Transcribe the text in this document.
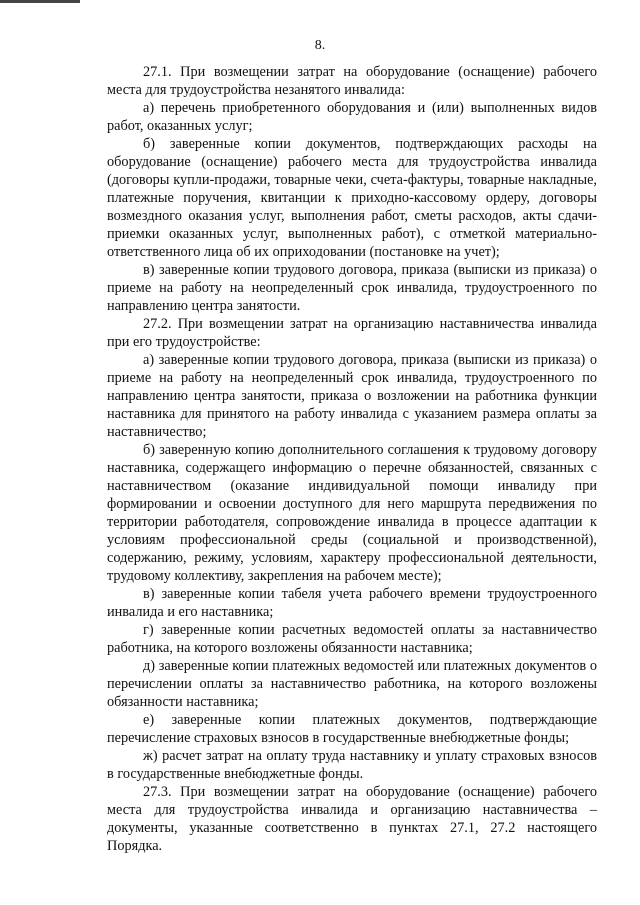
8.

27.1. При возмещении затрат на оборудование (оснащение) рабочего места для трудоустройства незанятого инвалида:

а) перечень приобретенного оборудования и (или) выполненных видов работ, оказанных услуг;

б) заверенные копии документов, подтверждающих расходы на оборудование (оснащение) рабочего места для трудоустройства инвалида (договоры купли-продажи, товарные чеки, счета-фактуры, товарные накладные, платежные поручения, квитанции к приходно-кассовому ордеру, договоры возмездного оказания услуг, выполнения работ, сметы расходов, акты сдачи-приемки оказанных услуг, выполненных работ), с отметкой материально-ответственного лица об их оприходовании (постановке на учет);

в) заверенные копии трудового договора, приказа (выписки из приказа) о приеме на работу на неопределенный срок инвалида, трудоустроенного по направлению центра занятости.

27.2. При возмещении затрат на организацию наставничества инвалида при его трудоустройстве:

а) заверенные копии трудового договора, приказа (выписки из приказа) о приеме на работу на неопределенный срок инвалида, трудоустроенного по направлению центра занятости, приказа о возложении на работника функции наставника для принятого на работу инвалида с указанием размера оплаты за наставничество;

б) заверенную копию дополнительного соглашения к трудовому договору наставника, содержащего информацию о перечне обязанностей, связанных с наставничеством (оказание индивидуальной помощи инвалиду при формировании и освоении доступного для него маршрута передвижения по территории работодателя, сопровождение инвалида в процессе адаптации к условиям профессиональной среды (социальной и производственной), содержанию, режиму, условиям, характеру профессиональной деятельности, трудовому коллективу, закрепления на рабочем месте);

в) заверенные копии табеля учета рабочего времени трудоустроенного инвалида и его наставника;

г) заверенные копии расчетных ведомостей оплаты за наставничество работника, на которого возложены обязанности наставника;

д) заверенные копии платежных ведомостей или платежных документов о перечислении оплаты за наставничество работника, на которого возложены обязанности наставника;

е) заверенные копии платежных документов, подтверждающие перечисление страховых взносов в государственные внебюджетные фонды;

ж) расчет затрат на оплату труда наставнику и уплату страховых взносов в государственные внебюджетные фонды.

27.3. При возмещении затрат на оборудование (оснащение) рабочего места для трудоустройства инвалида и организацию наставничества – документы, указанные соответственно в пунктах 27.1, 27.2 настоящего Порядка.
